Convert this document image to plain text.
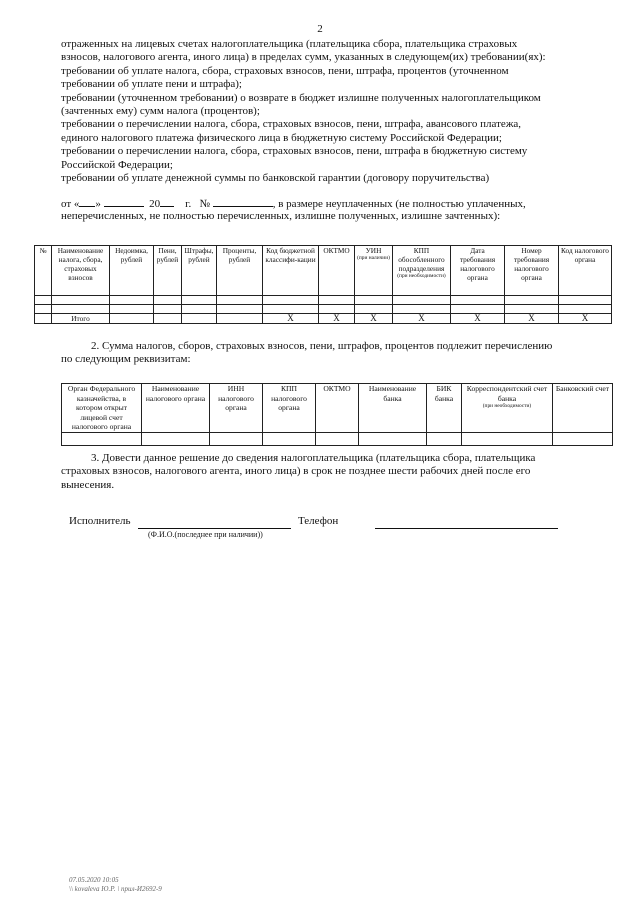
2
отраженных на лицевых счетах налогоплательщика (плательщика сбора, плательщика страховых
взносов, налогового агента, иного лица) в пределах сумм, указанных в следующем(их) требовании(ях):
требовании об уплате налога, сбора, страховых взносов, пени, штрафа, процентов (уточненном
требовании об уплате пени и штрафа);
требовании (уточненном требовании) о возврате в бюджет излишне полученных налогоплательщиком
(зачтенных ему) сумм налога (процентов);
требовании о перечислении налога, сбора, страховых взносов, пени, штрафа, авансового платежа,
единого налогового платежа физического лица в бюджетную систему Российской Федерации;
требовании о перечислении налога, сбора, страховых взносов, пени, штрафа в бюджетную систему
Российской Федерации;
требовании об уплате денежной суммы по банковской гарантии (договору поручительства)
от « »	20 г. №	, в размере неуплаченных (не полностью уплаченных,
неперечисленных, не полностью перечисленных, излишне полученных, излишне зачтенных):
№	Наименование налога, сбора, страховых взносов	Недоимка, рублей	Пени, рублей	Штрафы, рублей	Проценты, рублей	Код бюджетной классифи-кации	ОКТМО	УИН
(при наличии)	КПП обособленного подразделения
(при необходимости)	Дата требования налогового органа	Номер требования налогового органа	Код налогового органа

	Итого					X	X	X	X	X	X	X
2. Сумма налогов, сборов, страховых взносов, пени, штрафов, процентов подлежит перечислению
по следующим реквизитам:
Орган Федерального казначейства, в котором открыт лицевой счет налогового органа	Наименование налогового органа	ИНН налогового органа	КПП налогового органа	ОКТМО	Наименование банка	БИК банка	Корреспондентский счет банка
(при необходимости)	Банковский счет

3. Довести данное решение до сведения налогоплательщика (плательщика сбора, плательщика
страховых взносов, налогового агента, иного лица) в срок не позднее шести рабочих дней после его
вынесения.
Исполнитель	Телефон
(Ф.И.О.(последнее при наличии))
07.05.2020 10:05
\\ kovaleva Ю.Р. \ прил-И2692-9
